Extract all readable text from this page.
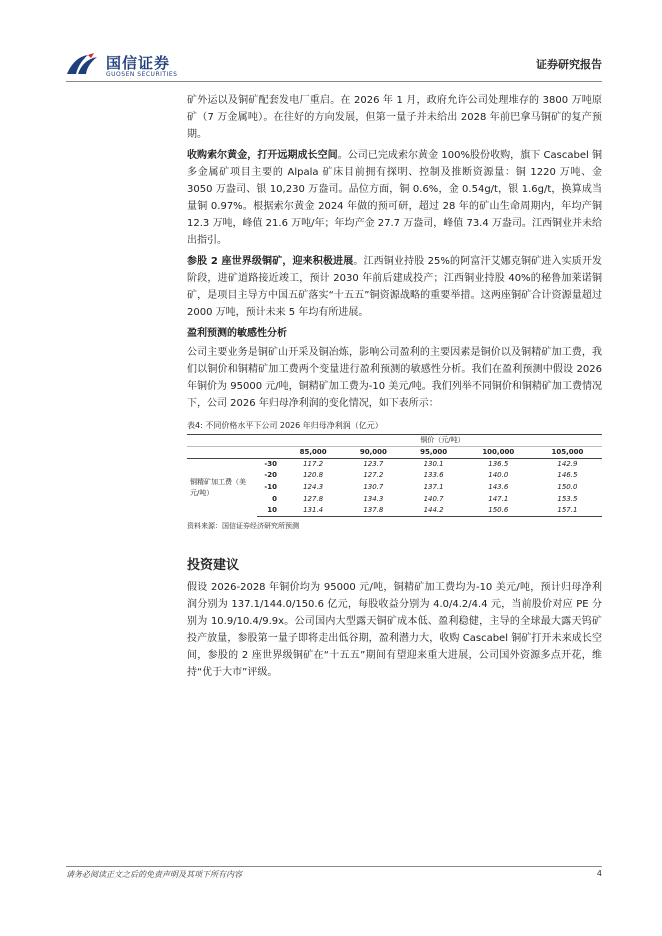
国信证券
GUOSEN SECURITIES
证券研究报告

矿外运以及铜矿配套发电厂重启。在 2026 年 1 月，政府允许公司处理堆存的 3800 万吨原矿（7 万金属吨）。在往好的方向发展，但第一量子并未给出 2028 年前巴拿马铜矿的复产预期。

收购索尔黄金，打开远期成长空间。公司已完成索尔黄金 100%股份收购，旗下 Cascabel 铜多金属矿项目主要的 Alpala 矿床目前拥有探明、控制及推断资源量：铜 1220 万吨、金 3050 万盎司、银 10,230 万盎司。品位方面，铜 0.6%，金 0.54g/t，银 1.6g/t，换算成当量铜 0.97%。根据索尔黄金 2024 年做的预可研，超过 28 年的矿山生命周期内，年均产铜 12.3 万吨，峰值 21.6 万吨/年；年均产金 27.7 万盎司，峰值 73.4 万盎司。江西铜业并未给出指引。

参股 2 座世界级铜矿，迎来积极进展。江西铜业持股 25%的阿富汗艾娜克铜矿进入实质开发阶段，进矿道路接近竣工，预计 2030 年前后建成投产；江西铜业持股 40%的秘鲁加莱诺铜矿，是项目主导方中国五矿落实“十五五”铜资源战略的重要举措。这两座铜矿合计资源量超过 2000 万吨，预计未来 5 年均有所进展。

盈利预测的敏感性分析

公司主要业务是铜矿山开采及铜冶炼，影响公司盈利的主要因素是铜价以及铜精矿加工费，我们以铜价和铜精矿加工费两个变量进行盈利预测的敏感性分析。我们在盈利预测中假设 2026 年铜价为 95000 元/吨，铜精矿加工费为-10 美元/吨。我们列举不同铜价和铜精矿加工费情况下，公司 2026 年归母净利润的变化情况，如下表所示：

表4: 不同价格水平下公司 2026 年归母净利润（亿元）
		铜价（元/吨）				
		85,000	90,000	95,000	100,000	105,000
铜精矿加工费（美元/吨）	-30	117.2	123.7	130.1	136.5	142.9
	-20	120.8	127.2	133.6	140.0	146.5
	-10	124.3	130.7	137.1	143.6	150.0
	0	127.8	134.3	140.7	147.1	153.5
	10	131.4	137.8	144.2	150.6	157.1
资料来源：国信证券经济研究所预测
投资建议

假设 2026-2028 年铜价均为 95000 元/吨，铜精矿加工费均为-10 美元/吨，预计归母净利润分别为 137.1/144.0/150.6 亿元，每股收益分别为 4.0/4.2/4.4 元，当前股价对应 PE 分别为 10.9/10.4/9.9x。公司国内大型露天铜矿成本低、盈利稳健，主导的全球最大露天钨矿投产放量，参股第一量子即将走出低谷期，盈利潜力大，收购 Cascabel 铜矿打开未来成长空间，参股的 2 座世界级铜矿在“十五五”期间有望迎来重大进展，公司国外资源多点开花，维持“优于大市”评级。

请务必阅读正文之后的免责声明及其项下所有内容	4
